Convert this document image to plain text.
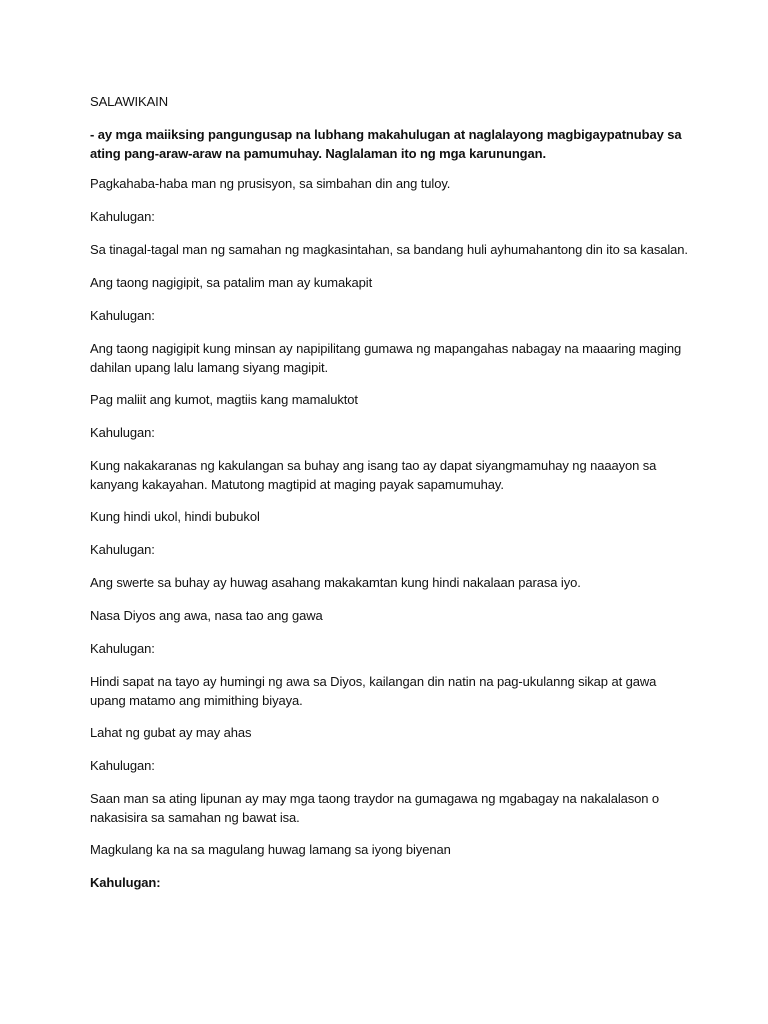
SALAWIKAIN

- ay mga maiiksing pangungusap na lubhang makahulugan at naglalayong magbigaypatnubay sa ating pang-araw-araw na pamumuhay. Naglalaman ito ng mga karunungan.

Pagkahaba-haba man ng prusisyon, sa simbahan din ang tuloy.

Kahulugan:

Sa tinagal-tagal man ng samahan ng magkasintahan, sa bandang huli ayhumahantong din ito sa kasalan.

Ang taong nagigipit, sa patalim man ay kumakapit

Kahulugan:

Ang taong nagigipit kung minsan ay napipilitang gumawa ng mapangahas nabagay na maaaring maging dahilan upang lalu lamang siyang magipit.

Pag maliit ang kumot, magtiis kang mamaluktot

Kahulugan:

Kung nakakaranas ng kakulangan sa buhay ang isang tao ay dapat siyangmamuhay ng naaayon sa kanyang kakayahan. Matutong magtipid at maging payak sapamumuhay.

Kung hindi ukol, hindi bubukol

Kahulugan:

Ang swerte sa buhay ay huwag asahang makakamtan kung hindi nakalaan parasa iyo.

Nasa Diyos ang awa, nasa tao ang gawa

Kahulugan:

Hindi sapat na tayo ay humingi ng awa sa Diyos, kailangan din natin na pag-ukulanng sikap at gawa upang matamo ang mimithing biyaya.

Lahat ng gubat ay may ahas

Kahulugan:

Saan man sa ating lipunan ay may mga taong traydor na gumagawa ng mgabagay na nakalalason o nakasisira sa samahan ng bawat isa.

Magkulang ka na sa magulang huwag lamang sa iyong biyenan

Kahulugan:
